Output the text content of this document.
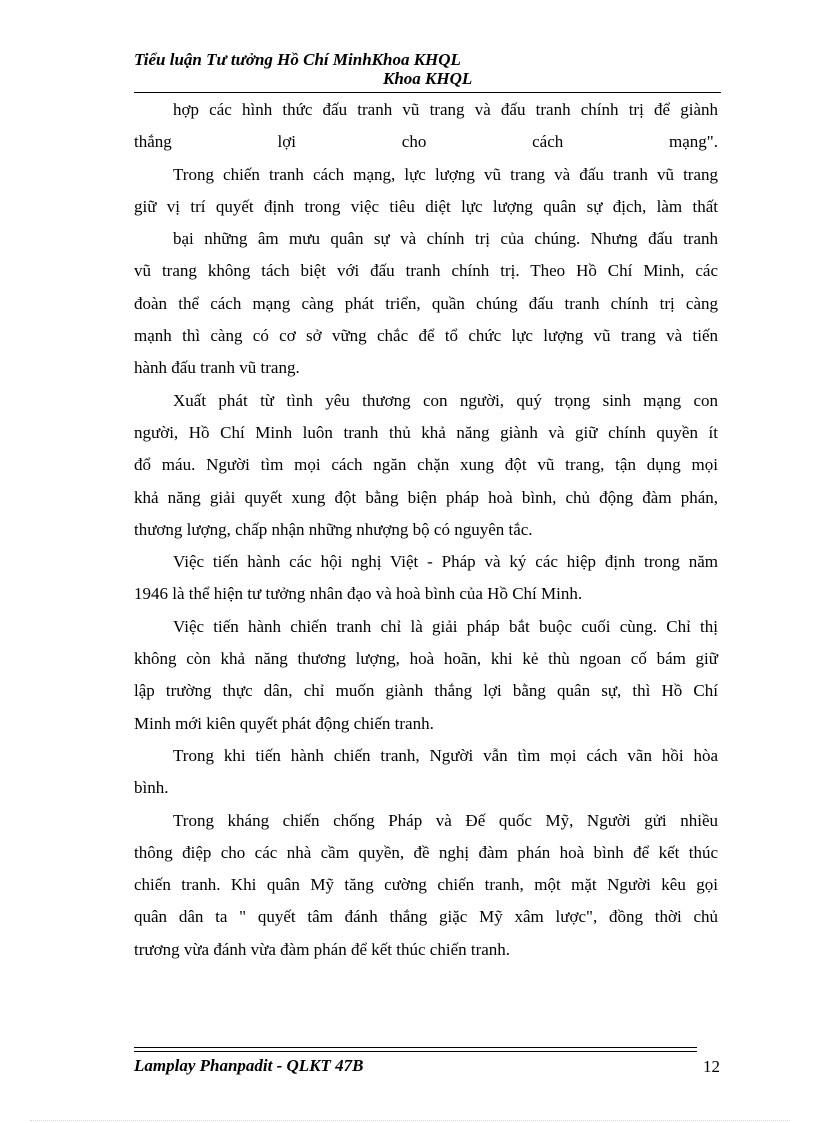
Tiểu luận Tư tưởng Hồ Chí MinhKhoa KHQL
Khoa KHQL
hợp các hình thức đấu tranh vũ trang và đấu tranh chính trị để giành
thắng lợi cho cách mạng".
Trong chiến tranh cách mạng, lực lượng vũ trang và đấu tranh vũ trang
giữ vị trí quyết định trong việc tiêu diệt lực lượng quân sự địch, làm thất
bại những âm mưu quân sự và chính trị của chúng. Nhưng đấu tranh
vũ trang không tách biệt với đấu tranh chính trị. Theo Hồ Chí Minh, các
đoàn thể cách mạng càng phát triển, quần chúng đấu tranh chính trị càng
mạnh thì càng có cơ sở vững chắc để tổ chức lực lượng vũ trang và tiến
hành đấu tranh vũ trang.
Xuất phát từ tình yêu thương con người, quý trọng sinh mạng con
người, Hồ Chí Minh luôn tranh thủ khả năng giành và giữ chính quyền ít
đổ máu. Người tìm mọi cách ngăn chặn xung đột vũ trang, tận dụng mọi
khả năng giải quyết xung đột bằng biện pháp hoà bình, chủ động đàm phán,
thương lượng, chấp nhận những nhượng bộ có nguyên tắc.
Việc tiến hành các hội nghị Việt - Pháp và ký các hiệp định trong năm
1946 là thể hiện tư tưởng nhân đạo và hoà bình của Hồ Chí Minh.
Việc tiến hành chiến tranh chỉ là giải pháp bắt buộc cuối cùng. Chỉ thị
không còn khả năng thương lượng, hoà hoãn, khi kẻ thù ngoan cố bám giữ
lập trường thực dân, chỉ muốn giành thắng lợi bằng quân sự, thì Hồ Chí
Minh mới kiên quyết phát động chiến tranh.
Trong khi tiến hành chiến tranh, Người vẫn tìm mọi cách vãn hồi hòa
bình.
Trong kháng chiến chống Pháp và Đế quốc Mỹ, Người gửi nhiều
thông điệp cho các nhà cầm quyền, đề nghị đàm phán hoà bình để kết thúc
chiến tranh. Khi quân Mỹ tăng cường chiến tranh, một mặt Người kêu gọi
quân dân ta " quyết tâm đánh thắng giặc Mỹ xâm lược", đồng thời chủ
trương vừa đánh vừa đàm phán để kết thúc chiến tranh.
Lamplay Phanpadit - QLKT 47B	12
